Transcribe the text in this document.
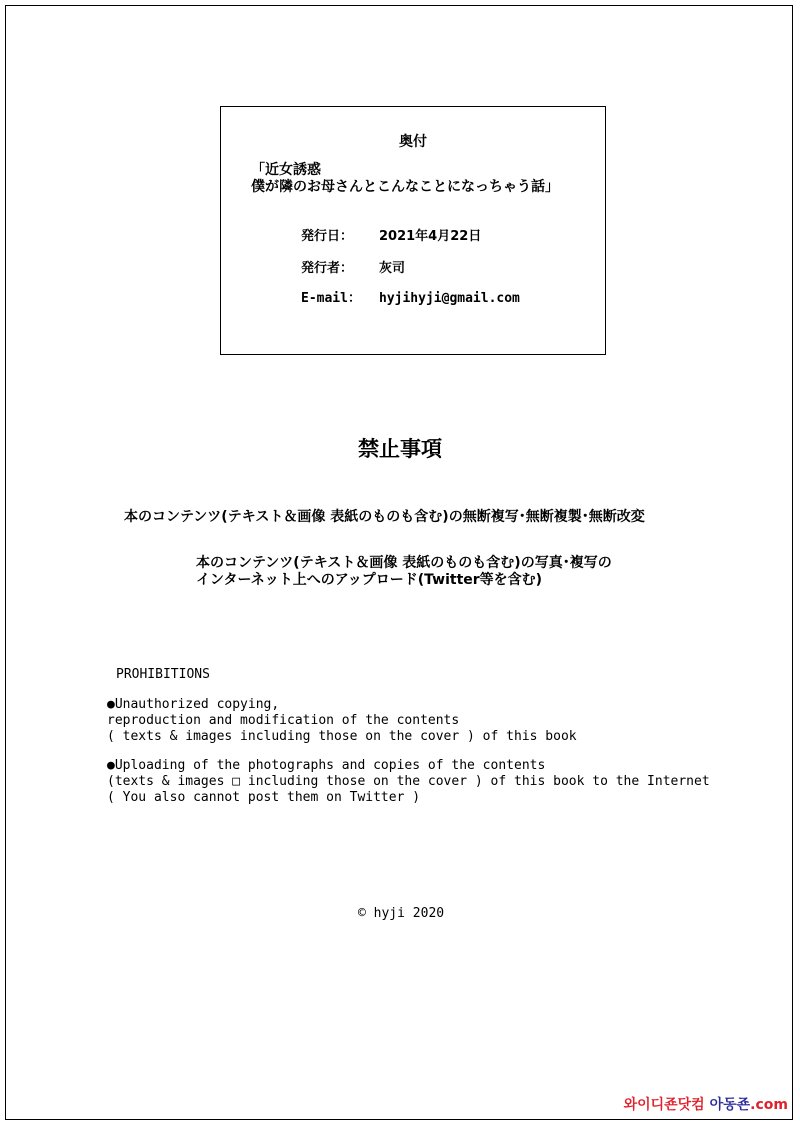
奥付
「近女誘惑
僕が隣のお母さんとこんなことになっちゃう話」
発行日： 2021年4月22日
発行者： 灰司
E-mail： hyjihyji@gmail.com
禁止事項
本のコンテンツ(テキスト＆画像 表紙のものも含む)の無断複写･無断複製･無断改変
本のコンテンツ(テキスト＆画像 表紙のものも含む)の写真･複写の
インターネット上へのアップロード(Twitter等を含む)
PROHIBITIONS
●Unauthorized copying,
reproduction and modification of the contents
( texts & images including those on the cover ) of this book
●Uploading of the photographs and copies of the contents
(texts & images □ including those on the cover ) of this book to the Internet
( You also cannot post them on Twitter )
© hyji 2020
와이디죤닷컴 아동죤.com
